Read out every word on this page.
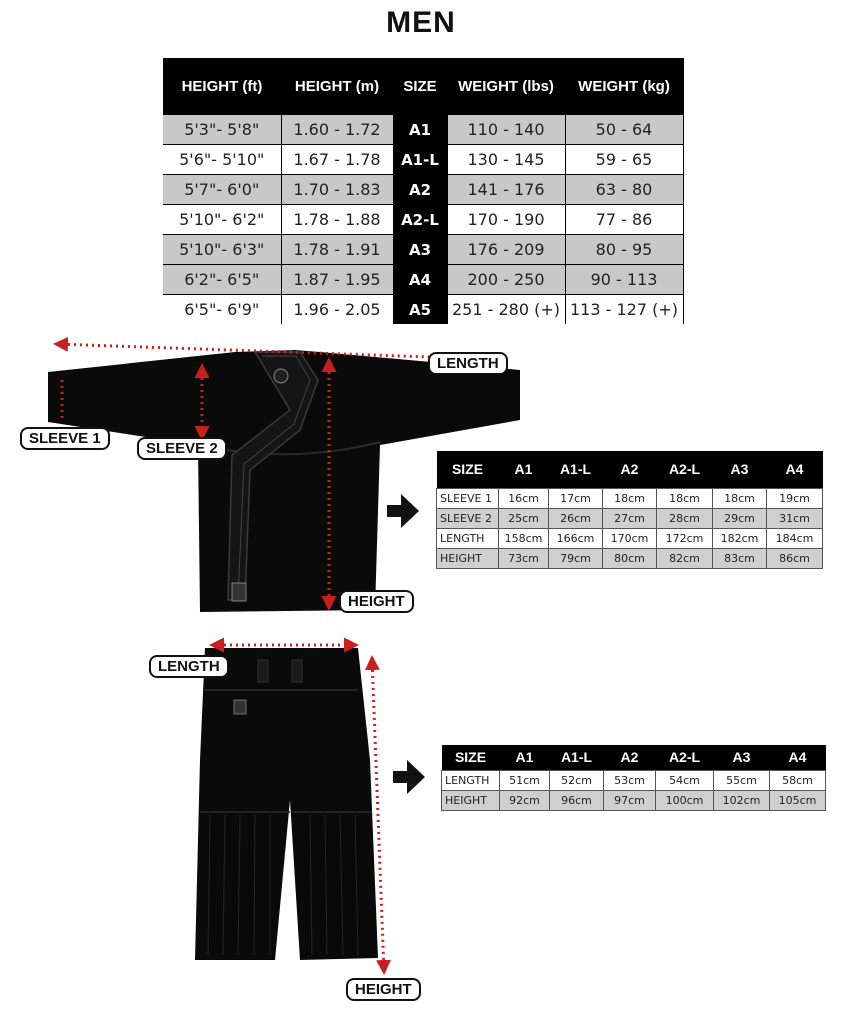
MEN
HEIGHT (ft)	HEIGHT (m)	SIZE	WEIGHT (lbs)	WEIGHT (kg)
5'3"- 5'8"	1.60 - 1.72	A1	110 - 140	50 - 64
5'6"- 5'10"	1.67 - 1.78	A1-L	130 - 145	59 - 65
5'7"- 6'0"	1.70 - 1.83	A2	141 - 176	63 - 80
5'10"- 6'2"	1.78 - 1.88	A2-L	170 - 190	77 - 86
5'10"- 6'3"	1.78 - 1.91	A3	176 - 209	80 - 95
6'2"- 6'5"	1.87 - 1.95	A4	200 - 250	90 - 113
6'5"- 6'9"	1.96 - 2.05	A5	251 - 280 (+)	113 - 127 (+)
LENGTH
SLEEVE 1
SLEEVE 2
HEIGHT
LENGTH
HEIGHT
SIZE	A1	A1-L	A2	A2-L	A3	A4
SLEEVE 1	16cm	17cm	18cm	18cm	18cm	19cm
SLEEVE 2	25cm	26cm	27cm	28cm	29cm	31cm
LENGTH	158cm	166cm	170cm	172cm	182cm	184cm
HEIGHT	73cm	79cm	80cm	82cm	83cm	86cm
SIZE	A1	A1-L	A2	A2-L	A3	A4
LENGTH	51cm	52cm	53cm	54cm	55cm	58cm
HEIGHT	92cm	96cm	97cm	100cm	102cm	105cm
